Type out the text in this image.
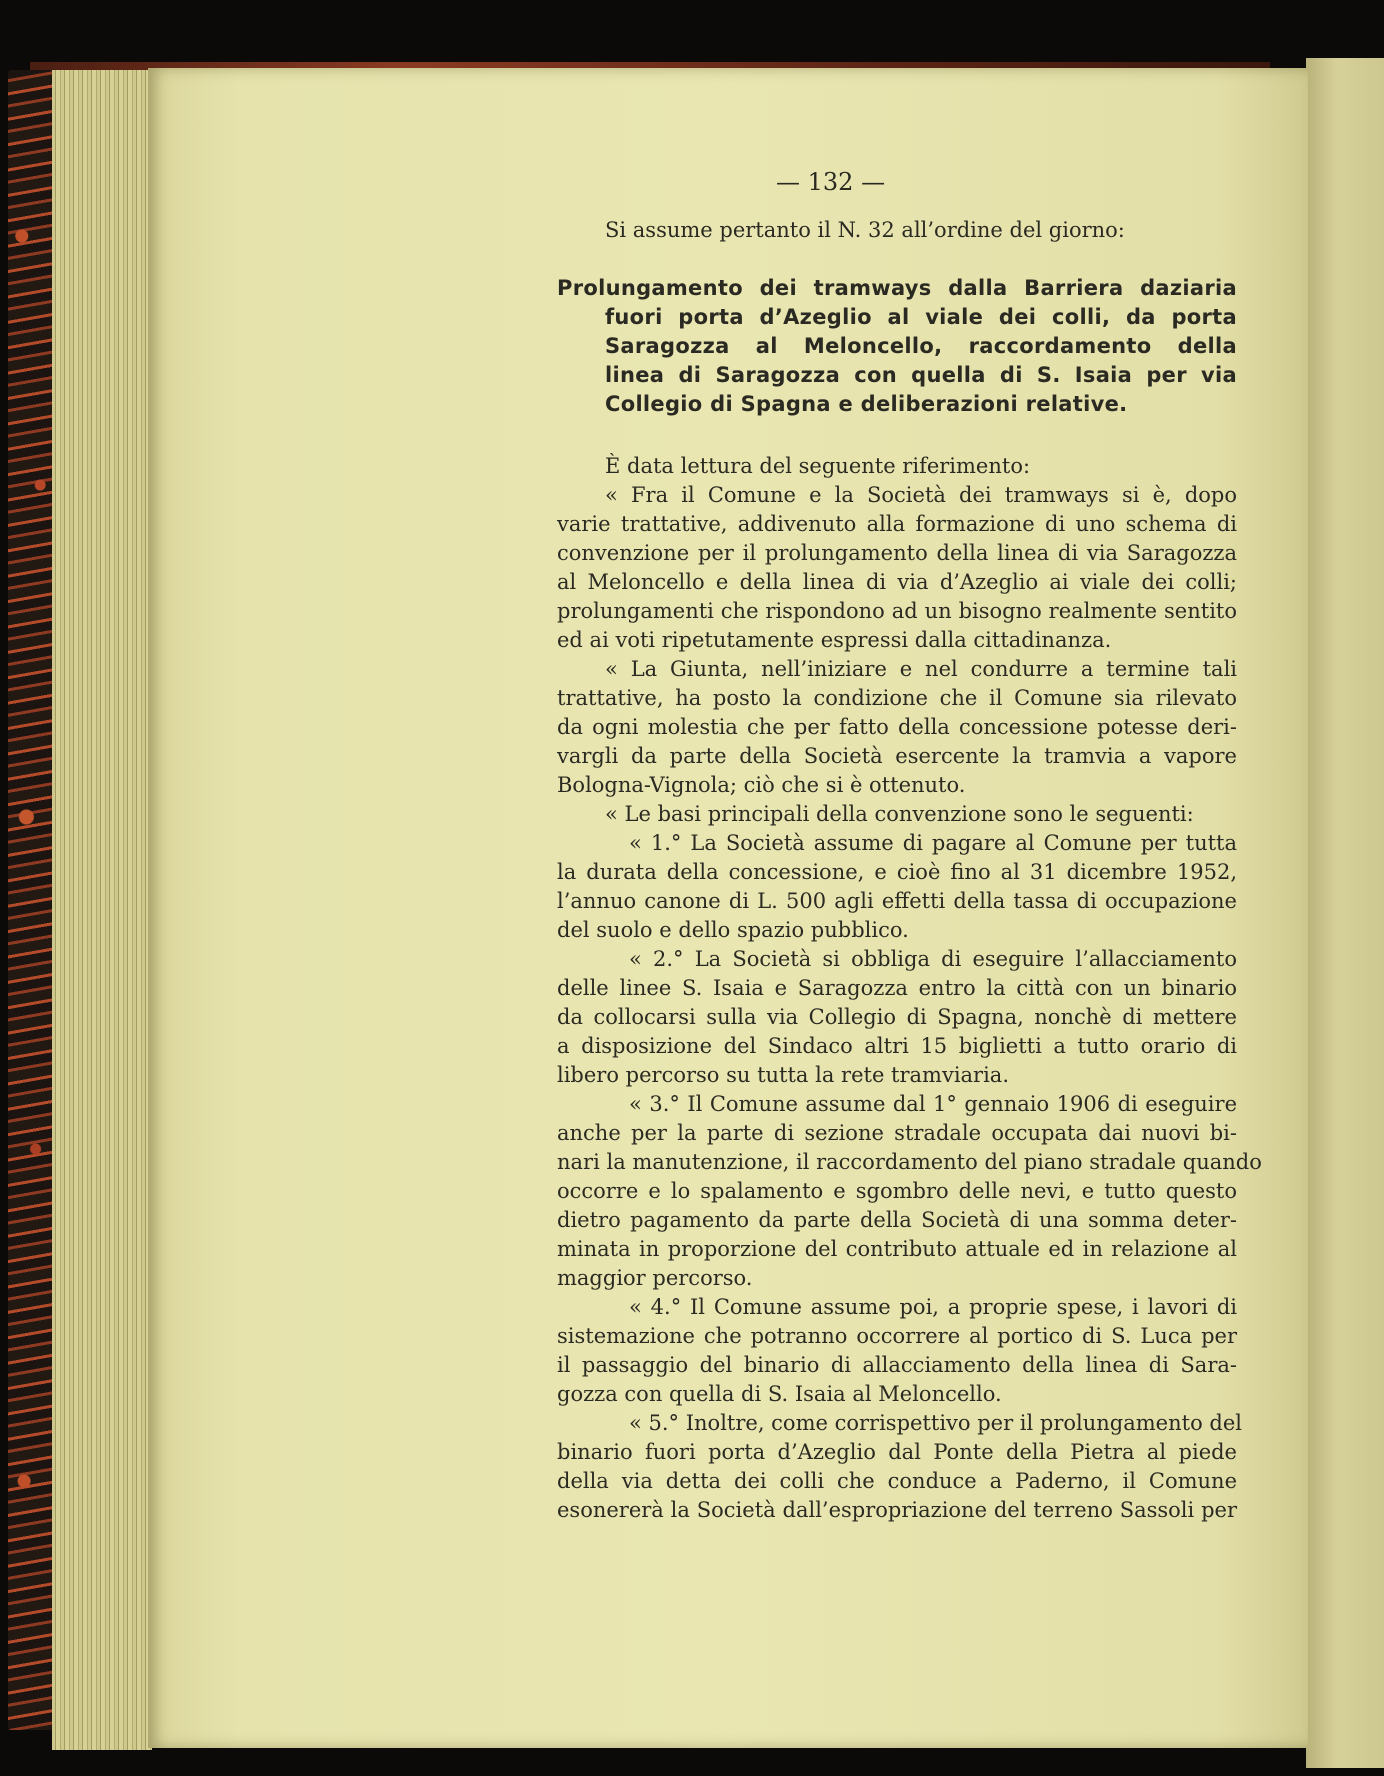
— 132 —
Si assume pertanto il N. 32 all’ordine del giorno:
Prolungamento dei tramways dalla Barriera daziaria
fuori porta d’Azeglio al viale dei colli, da porta
Saragozza al Meloncello, raccordamento della
linea di Saragozza con quella di S. Isaia per via
Collegio di Spagna e deliberazioni relative.
È data lettura del seguente riferimento:
« Fra il Comune e la Società dei tramways si è, dopo
varie trattative, addivenuto alla formazione di uno schema di
convenzione per il prolungamento della linea di via Saragozza
al Meloncello e della linea di via d’Azeglio ai viale dei colli;
prolungamenti che rispondono ad un bisogno realmente sentito
ed ai voti ripetutamente espressi dalla cittadinanza.
« La Giunta, nell’iniziare e nel condurre a termine tali
trattative, ha posto la condizione che il Comune sia rilevato
da ogni molestia che per fatto della concessione potesse deri-
vargli da parte della Società esercente la tramvia a vapore
Bologna-Vignola; ciò che si è ottenuto.
« Le basi principali della convenzione sono le seguenti:
« 1.° La Società assume di pagare al Comune per tutta
la durata della concessione, e cioè fino al 31 dicembre 1952,
l’annuo canone di L. 500 agli effetti della tassa di occupazione
del suolo e dello spazio pubblico.
« 2.° La Società si obbliga di eseguire l’allacciamento
delle linee S. Isaia e Saragozza entro la città con un binario
da collocarsi sulla via Collegio di Spagna, nonchè di mettere
a disposizione del Sindaco altri 15 biglietti a tutto orario di
libero percorso su tutta la rete tramviaria.
« 3.° Il Comune assume dal 1° gennaio 1906 di eseguire
anche per la parte di sezione stradale occupata dai nuovi bi-
nari la manutenzione, il raccordamento del piano stradale quando
occorre e lo spalamento e sgombro delle nevi, e tutto questo
dietro pagamento da parte della Società di una somma deter-
minata in proporzione del contributo attuale ed in relazione al
maggior percorso.
« 4.° Il Comune assume poi, a proprie spese, i lavori di
sistemazione che potranno occorrere al portico di S. Luca per
il passaggio del binario di allacciamento della linea di Sara-
gozza con quella di S. Isaia al Meloncello.
« 5.° Inoltre, come corrispettivo per il prolungamento del
binario fuori porta d’Azeglio dal Ponte della Pietra al piede
della via detta dei colli che conduce a Paderno, il Comune
esonererà la Società dall’espropriazione del terreno Sassoli per
